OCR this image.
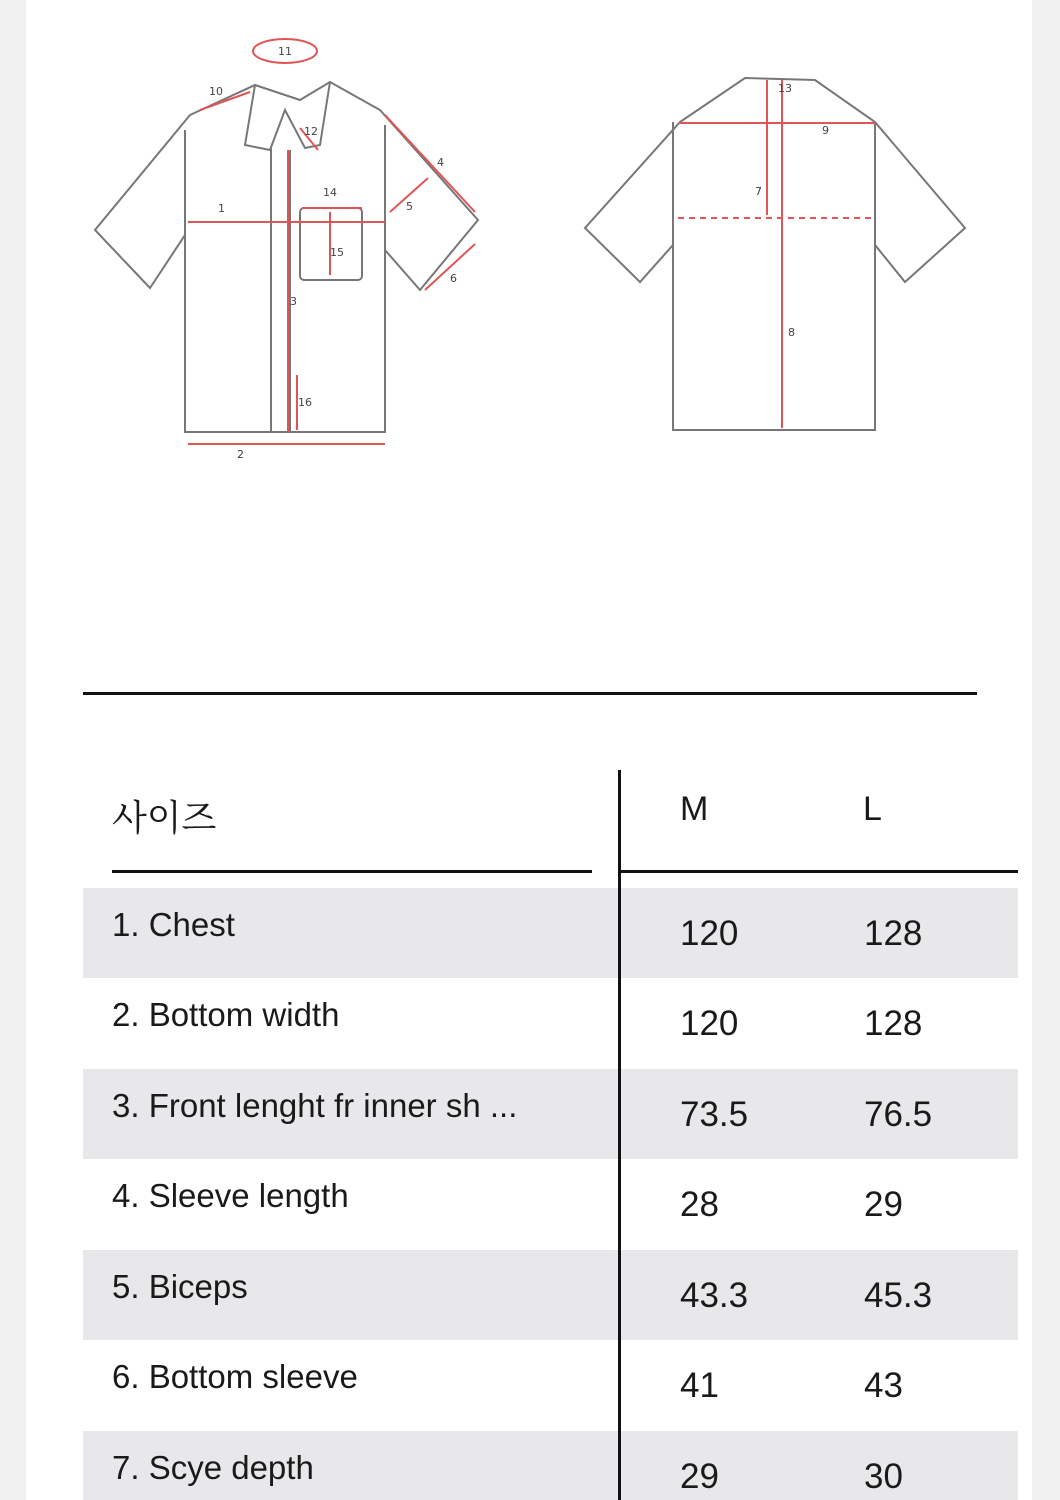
1
2
3
4
5
6
10
11
12
14
15
16
7
8
9
13
사이즈	M	L
1. Chest	120	128
2. Bottom width	120	128
3. Front lenght fr inner sh ...	73.5	76.5
4. Sleeve length	28	29
5. Biceps	43.3	45.3
6. Bottom sleeve	41	43
7. Scye depth	29	30
